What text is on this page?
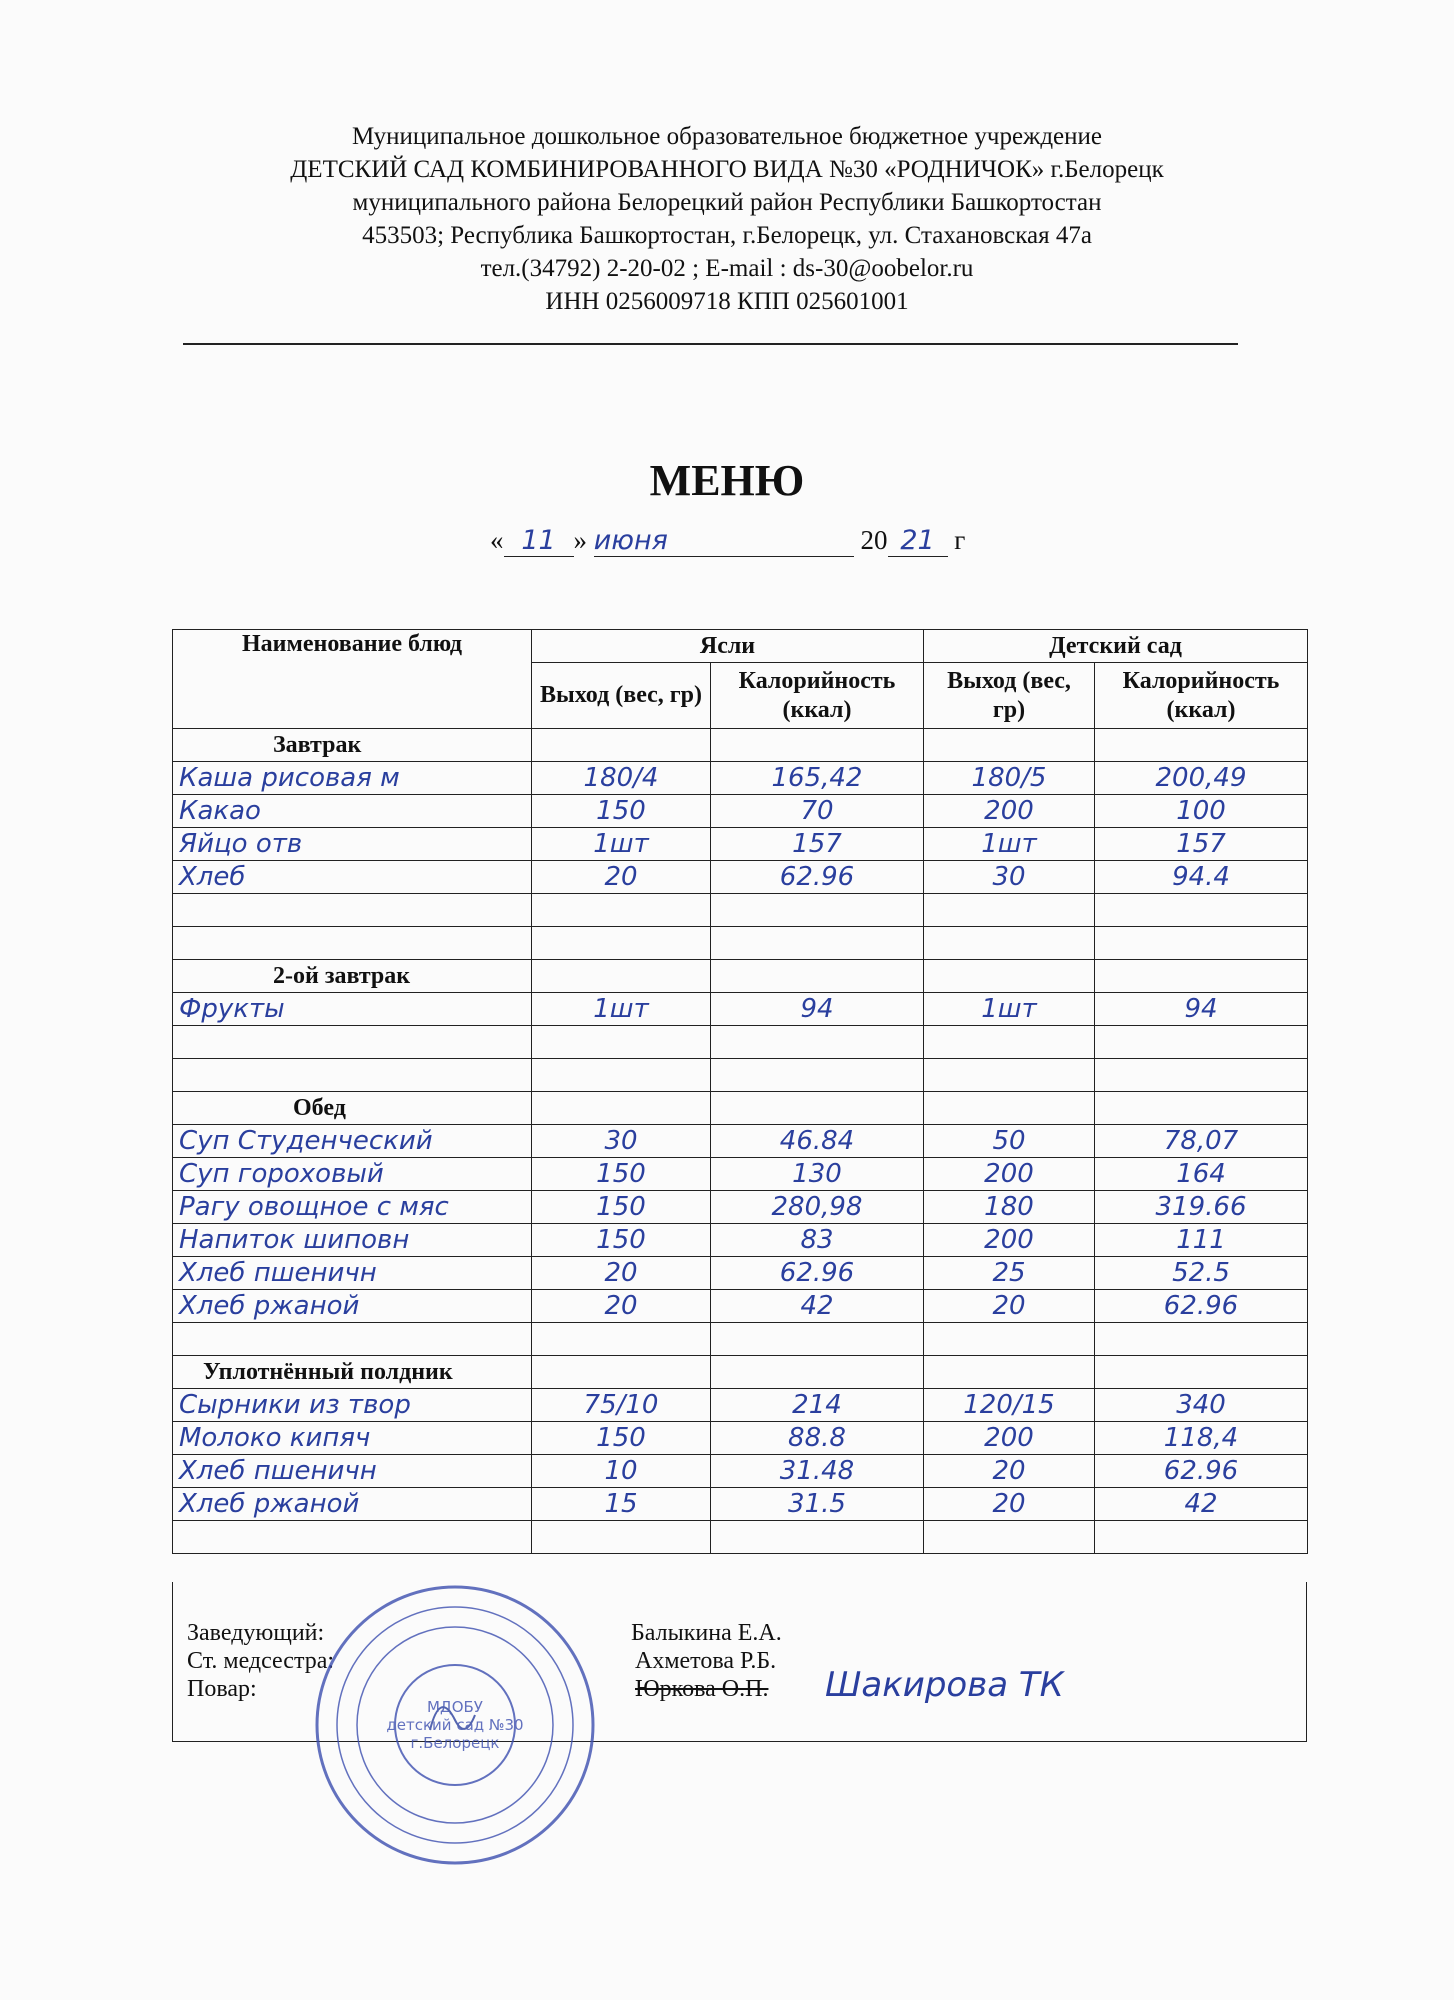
Муниципальное дошкольное образовательное бюджетное учреждение
ДЕТСКИЙ САД КОМБИНИРОВАННОГО ВИДА №30 «РОДНИЧОК» г.Белорецк
муниципального района Белорецкий район Республики Башкортостан
453503; Республика Башкортостан, г.Белорецк, ул. Стахановская 47а
тел.(34792) 2-20-02 ; E-mail : ds-30@oobelor.ru
ИНН 0256009718 КПП 025601001
МЕНЮ
« 11 » июня	20 21 г
Наименование блюд	Ясли		Детский сад	
	Выход (вес, гр)	Калорийность (ккал)	Выход (вес, гр)	Калорийность (ккал)
Завтрак				
Каша рисовая м	180/4	165,42	180/5	200,49
Какао	150	70	200	100
Яйцо отв	1шт	157	1шт	157
Хлеб	20	62.96	30	94.4

2-ой завтрак				
Фрукты	1шт	94	1шт	94

Обед				
Суп Студенческий	30	46.84	50	78,07
Суп гороховый	150	130	200	164
Рагу овощное с мяс	150	280,98	180	319.66
Напиток шиповн	150	83	200	111
Хлеб пшеничн	20	62.96	25	52.5
Хлеб ржаной	20	42	20	62.96

Уплотнённый полдник				
Сырники из твор	75/10	214	120/15	340
Молоко кипяч	150	88.8	200	118,4
Хлеб пшеничн	10	31.48	20	62.96
Хлеб ржаной	15	31.5	20	42

Заведующий:	Балыкина Е.А.
Ст. медсестра:	Ахметова Р.Б.
Повар:	Юркова О.П. Шакирова ТК
МДОБУ
детский сад №30
г.Белорецк
